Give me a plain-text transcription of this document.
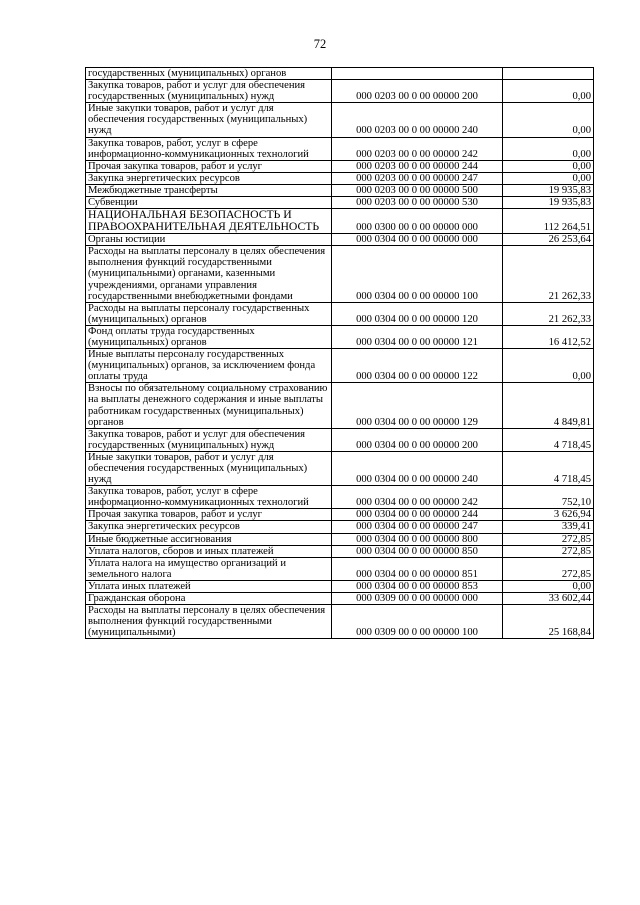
72
государственных (муниципальных) органов		
Закупка товаров, работ и услуг для обеспечения государственных (муниципальных) нужд	000 0203 00 0 00 00000 200	0,00
Иные закупки товаров, работ и услуг для обеспечения государственных (муниципальных) нужд	000 0203 00 0 00 00000 240	0,00
Закупка товаров, работ, услуг в сфере информационно-коммуникационных технологий	000 0203 00 0 00 00000 242	0,00
Прочая закупка товаров, работ и услуг	000 0203 00 0 00 00000 244	0,00
Закупка энергетических ресурсов	000 0203 00 0 00 00000 247	0,00
Межбюджетные трансферты	000 0203 00 0 00 00000 500	19 935,83
Субвенции	000 0203 00 0 00 00000 530	19 935,83
НАЦИОНАЛЬНАЯ БЕЗОПАСНОСТЬ И ПРАВООХРАНИТЕЛЬНАЯ ДЕЯТЕЛЬНОСТЬ	000 0300 00 0 00 00000 000	112 264,51
Органы юстиции	000 0304 00 0 00 00000 000	26 253,64
Расходы на выплаты персоналу в целях обеспечения выполнения функций государственными (муниципальными) органами, казенными учреждениями, органами управления государственными внебюджетными фондами	000 0304 00 0 00 00000 100	21 262,33
Расходы на выплаты персоналу государственных (муниципальных) органов	000 0304 00 0 00 00000 120	21 262,33
Фонд оплаты труда государственных (муниципальных) органов	000 0304 00 0 00 00000 121	16 412,52
Иные выплаты персоналу государственных (муниципальных) органов, за исключением фонда оплаты труда	000 0304 00 0 00 00000 122	0,00
Взносы по обязательному социальному страхованию на выплаты денежного содержания и иные выплаты работникам государственных (муниципальных) органов	000 0304 00 0 00 00000 129	4 849,81
Закупка товаров, работ и услуг для обеспечения государственных (муниципальных) нужд	000 0304 00 0 00 00000 200	4 718,45
Иные закупки товаров, работ и услуг для обеспечения государственных (муниципальных) нужд	000 0304 00 0 00 00000 240	4 718,45
Закупка товаров, работ, услуг в сфере информационно-коммуникационных технологий	000 0304 00 0 00 00000 242	752,10
Прочая закупка товаров, работ и услуг	000 0304 00 0 00 00000 244	3 626,94
Закупка энергетических ресурсов	000 0304 00 0 00 00000 247	339,41
Иные бюджетные ассигнования	000 0304 00 0 00 00000 800	272,85
Уплата налогов, сборов и иных платежей	000 0304 00 0 00 00000 850	272,85
Уплата налога на имущество организаций и земельного налога	000 0304 00 0 00 00000 851	272,85
Уплата иных платежей	000 0304 00 0 00 00000 853	0,00
Гражданская оборона	000 0309 00 0 00 00000 000	33 602,44
Расходы на выплаты персоналу в целях обеспечения выполнения функций государственными (муниципальными)	000 0309 00 0 00 00000 100	25 168,84
